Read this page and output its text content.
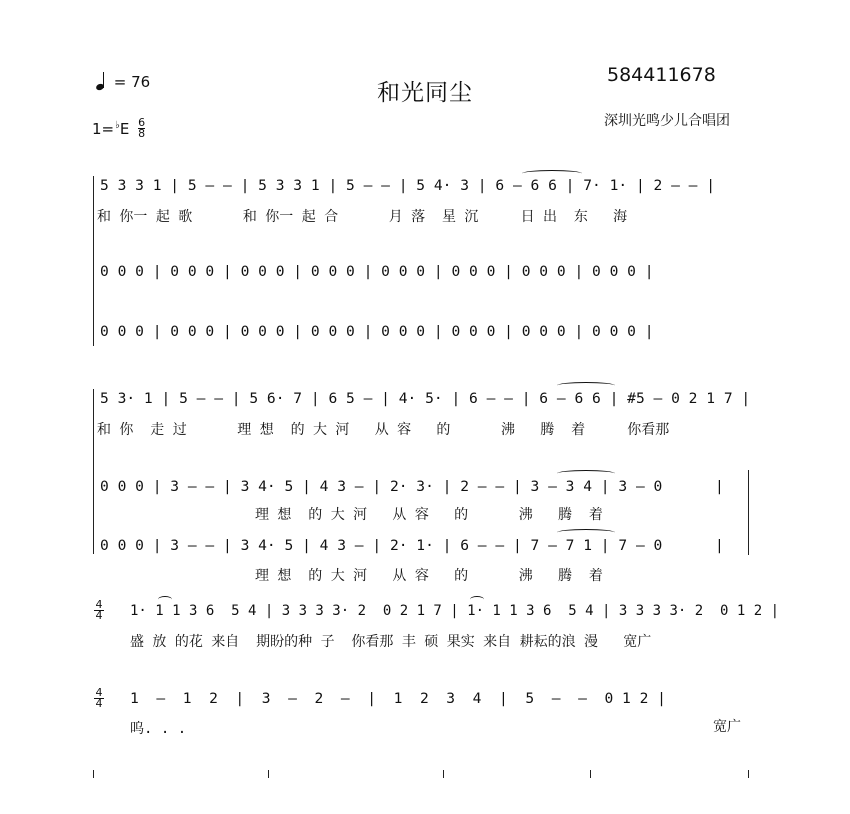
和光同尘
584411678
= 76
$1=^♭E \frac{6}{8}$	深圳光鸣少儿合唱团
5 3 3 1 | 5 – – | 5 3 3 1 | 5 – – | 5 4· 3 | 6 – 6 6 | 7· 1· | 2 – – |
和 你一 起 歌      和 你一 起 合      月 落  星 沉     日 出  东   海
0 0 0 | 0 0 0 | 0 0 0 | 0 0 0 | 0 0 0 | 0 0 0 | 0 0 0 | 0 0 0 |
0 0 0 | 0 0 0 | 0 0 0 | 0 0 0 | 0 0 0 | 0 0 0 | 0 0 0 | 0 0 0 |
5 3· 1 | 5 – – | 5 6· 7 | 6 5 – | 4· 5· | 6 – – | 6 – 6 6 | #5 – 0 2 1 7 |
和 你  走 过      理 想  的 大 河   从 容   的      沸   腾  着     你看那
0 0 0 | 3 – – | 3 4· 5 | 4 3 – | 2· 3· | 2 – – | 3 – 3 4 | 3 – 0      |
理 想  的 大 河   从 容   的      沸   腾  着
0 0 0 | 3 – – | 3 4· 5 | 4 3 – | 2· 1· | 6 – – | 7 – 7 1 | 7 – 0      |
理 想  的 大 河   从 容   的      沸   腾  着
4
4 1· 1 1 3 6  5 4 | 3 3 3 3· 2  0 2 1 7 | 1· 1 1 3 6  5 4 | 3 3 3 3· 2  0 1 2 |
盛 放 的花 来自  期盼的种 子  你看那 丰 硕 果实 来自 耕耘的浪 漫   宽广
4
4 1  –  1  2  |  3  –  2  –  |  1  2  3  4  |  5  –  –  0 1 2 |
呜. . .	宽广
